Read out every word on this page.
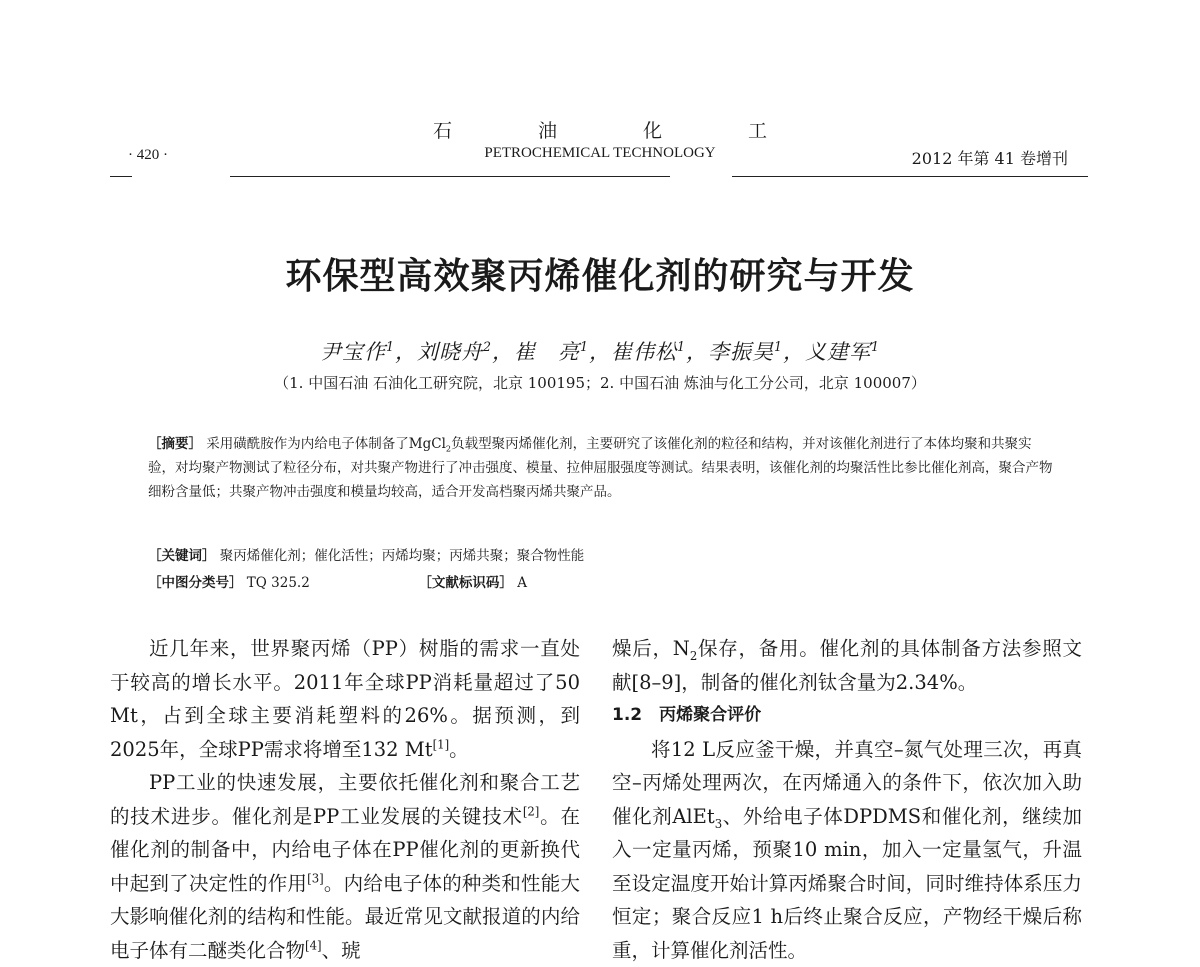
石 油 化 工
· 420 ·	PETROCHEMICAL TECHNOLOGY	2012 年第 41 卷增刊
环保型高效聚丙烯催化剂的研究与开发
尹宝作$^1$，刘晓舟$^2$，崔　亮$^1$，崔伟松$^1$，李振昊$^1$，义建军$^1$
（1. 中国石油 石油化工研究院，北京 100195；2. 中国石油 炼油与化工分公司，北京 100007）
［摘要］ 采用磺酰胺作为内给电子体制备了MgCl$_2$负载型聚丙烯催化剂，主要研究了该催化剂的粒径和结构，并对该催化剂进行了本体均聚和共聚实验，对均聚产物测试了粒径分布，对共聚产物进行了冲击强度、模量、拉伸屈服强度等测试。结果表明，该催化剂的均聚活性比参比催化剂高，聚合产物细粉含量低；共聚产物冲击强度和模量均较高，适合开发高档聚丙烯共聚产品。
［关键词］ 聚丙烯催化剂；催化活性；丙烯均聚；丙烯共聚；聚合物性能
［中图分类号］ TQ 325.2	［文献标识码］ A

近几年来，世界聚丙烯（PP）树脂的需求一直处于较高的增长水平。2011年全球PP消耗量超过了50 Mt，占到全球主要消耗塑料的26%。据预测，到2025年，全球PP需求将增至132 Mt[1]。

PP工业的快速发展，主要依托催化剂和聚合工艺的技术进步。催化剂是PP工业发展的关键技术[2]。在催化剂的制备中，内给电子体在PP催化剂的更新换代中起到了决定性的作用[3]。内给电子体的种类和性能大大影响催化剂的结构和性能。最近常见文献报道的内给电子体有二醚类化合物[4]、琥

燥后，$N_2$保存，备用。催化剂的具体制备方法参照文献[8–9]，制备的催化剂钛含量为2.34%。

1.2　丙烯聚合评价

将12 L反应釜干燥，并真空–氮气处理三次，再真空–丙烯处理两次，在丙烯通入的条件下，依次加入助催化剂AlEt$_3$、外给电子体DPDMS和催化剂，继续加入一定量丙烯，预聚10 min，加入一定量氢气，升温至设定温度开始计算丙烯聚合时间，同时维持体系压力恒定；聚合反应1 h后终止聚合反应，产物经干燥后称重，计算催化剂活性。
